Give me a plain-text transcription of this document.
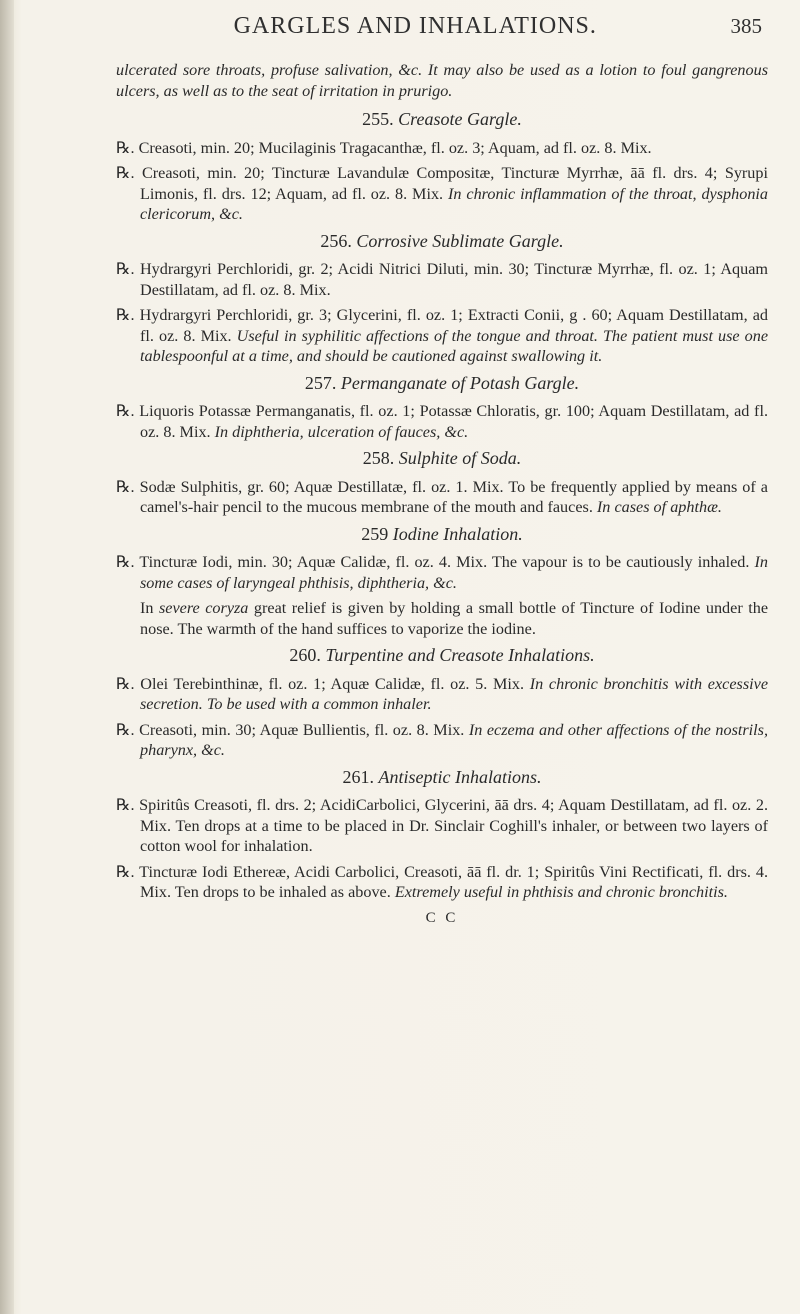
GARGLES AND INHALATIONS.	385

ulcerated sore throats, profuse salivation, &c. It may also be used as a lotion to foul gangrenous ulcers, as well as to the seat of irritation in prurigo.

255. Creasote Gargle.

℞. Creasoti, min. 20; Mucilaginis Tragacanthæ, fl. oz. 3; Aquam, ad fl. oz. 8. Mix.

℞. Creasoti, min. 20; Tincturæ Lavandulæ Compositæ, Tincturæ Myrrhæ, āā fl. drs. 4; Syrupi Limonis, fl. drs. 12; Aquam, ad fl. oz. 8. Mix. In chronic inflammation of the throat, dysphonia clericorum, &c.

256. Corrosive Sublimate Gargle.

℞. Hydrargyri Perchloridi, gr. 2; Acidi Nitrici Diluti, min. 30; Tincturæ Myrrhæ, fl. oz. 1; Aquam Destillatam, ad fl. oz. 8. Mix.

℞. Hydrargyri Perchloridi, gr. 3; Glycerini, fl. oz. 1; Extracti Conii, g . 60; Aquam Destillatam, ad fl. oz. 8. Mix. Useful in syphilitic affections of the tongue and throat. The patient must use one tablespoonful at a time, and should be cautioned against swallowing it.

257. Permanganate of Potash Gargle.

℞. Liquoris Potassæ Permanganatis, fl. oz. 1; Potassæ Chloratis, gr. 100; Aquam Destillatam, ad fl. oz. 8. Mix. In diphtheria, ulceration of fauces, &c.

258. Sulphite of Soda.

℞. Sodæ Sulphitis, gr. 60; Aquæ Destillatæ, fl. oz. 1. Mix. To be frequently applied by means of a camel's-hair pencil to the mucous membrane of the mouth and fauces. In cases of aphthæ.

259 Iodine Inhalation.

℞. Tincturæ Iodi, min. 30; Aquæ Calidæ, fl. oz. 4. Mix. The vapour is to be cautiously inhaled. In some cases of laryngeal phthisis, diphtheria, &c.

In severe coryza great relief is given by holding a small bottle of Tincture of Iodine under the nose. The warmth of the hand suffices to vaporize the iodine.

260. Turpentine and Creasote Inhalations.

℞. Olei Terebinthinæ, fl. oz. 1; Aquæ Calidæ, fl. oz. 5. Mix. In chronic bronchitis with excessive secretion. To be used with a common inhaler.

℞. Creasoti, min. 30; Aquæ Bullientis, fl. oz. 8. Mix. In eczema and other affections of the nostrils, pharynx, &c.

261. Antiseptic Inhalations.

℞. Spiritûs Creasoti, fl. drs. 2; AcidiCarbolici, Glycerini, āā drs. 4; Aquam Destillatam, ad fl. oz. 2. Mix. Ten drops at a time to be placed in Dr. Sinclair Coghill's inhaler, or between two layers of cotton wool for inhalation.

℞. Tincturæ Iodi Ethereæ, Acidi Carbolici, Creasoti, āā fl. dr. 1; Spiritûs Vini Rectificati, fl. drs. 4. Mix. Ten drops to be inhaled as above. Extremely useful in phthisis and chronic bronchitis.

C C
